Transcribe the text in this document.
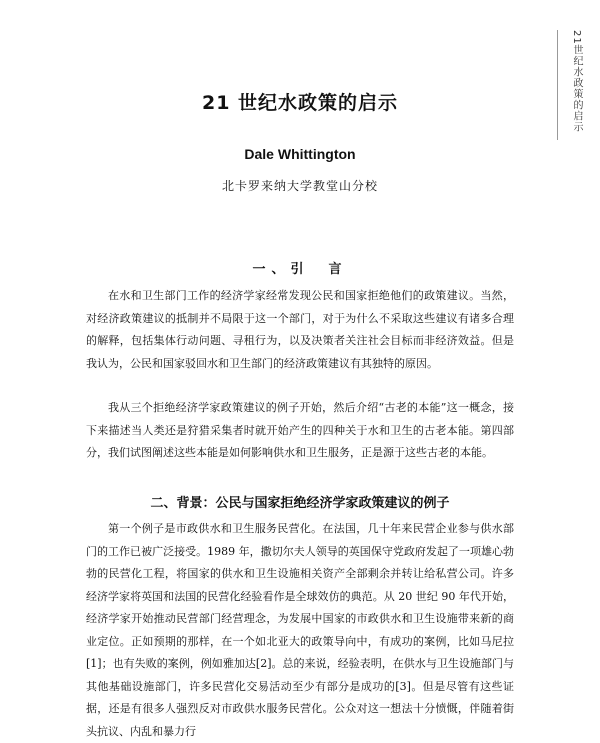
21世纪水政策的启示
21 世纪水政策的启示
Dale Whittington
北卡罗来纳大学教堂山分校
一、引　言

在水和卫生部门工作的经济学家经常发现公民和国家拒绝他们的政策建议。当然，对经济政策建议的抵制并不局限于这一个部门，对于为什么不采取这些建议有诸多合理的解释，包括集体行动问题、寻租行为，以及决策者关注社会目标而非经济效益。但是我认为，公民和国家驳回水和卫生部门的经济政策建议有其独特的原因。

我从三个拒绝经济学家政策建议的例子开始，然后介绍“古老的本能”这一概念，接下来描述当人类还是狩猎采集者时就开始产生的四种关于水和卫生的古老本能。第四部分，我们试图阐述这些本能是如何影响供水和卫生服务，正是源于这些古老的本能。

二、背景：公民与国家拒绝经济学家政策建议的例子

第一个例子是市政供水和卫生服务民营化。在法国，几十年来民营企业参与供水部门的工作已被广泛接受。1989 年，撒切尔夫人领导的英国保守党政府发起了一项雄心勃勃的民营化工程，将国家的供水和卫生设施相关资产全部剩余并转让给私营公司。许多经济学家将英国和法国的民营化经验看作是全球效仿的典范。从 20 世纪 90 年代开始，经济学家开始推动民营部门经营理念，为发展中国家的市政供水和卫生设施带来新的商业定位。正如预期的那样，在一个如北亚大的政策导向中，有成功的案例，比如马尼拉[1]；也有失败的案例，例如雅加达[2]。总的来说，经验表明，在供水与卫生设施部门与其他基础设施部门，许多民营化交易活动至少有部分是成功的[3]。但是尽管有这些证据，还是有很多人强烈反对市政供水服务民营化。公众对这一想法十分愤慨，伴随着街头抗议、内乱和暴力行
